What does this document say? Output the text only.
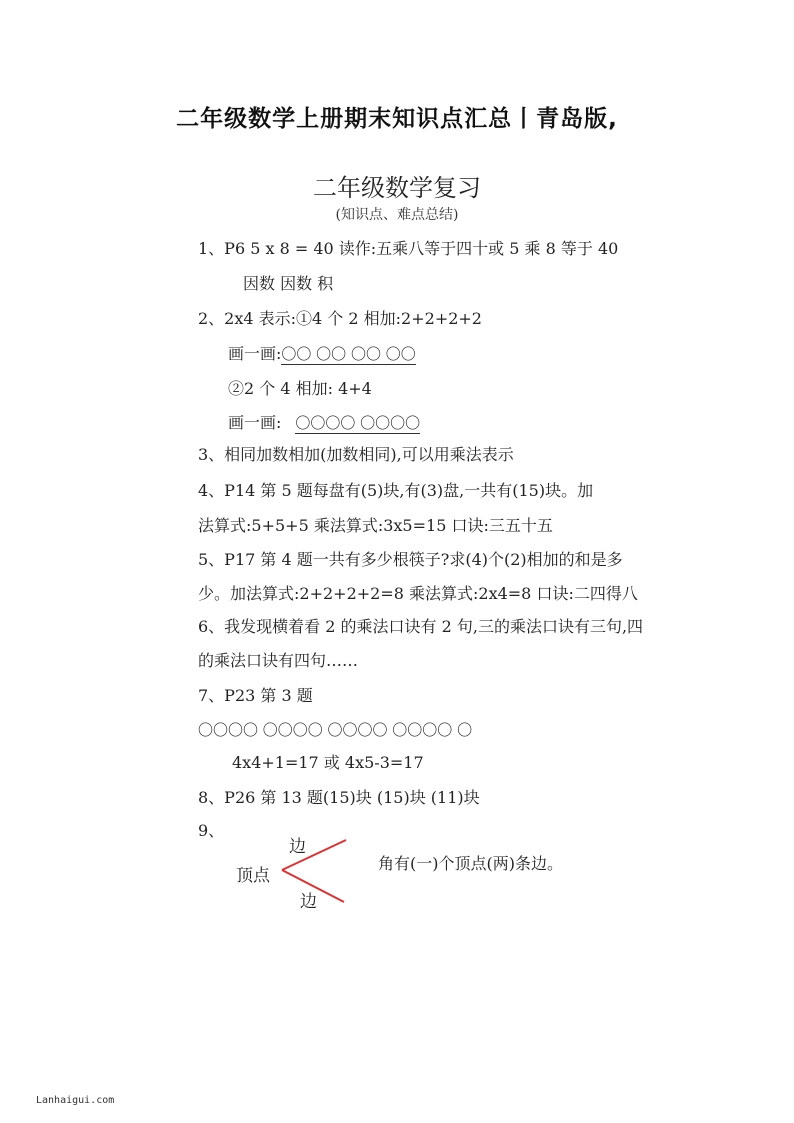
二年级数学上册期末知识点汇总丨青岛版,
二年级数学复习
(知识点、难点总结)
1、P6 5 x 8 = 40 读作:五乘八等于四十或 5 乘 8 等于 40
因数 因数 积
2、2x4 表示:①4 个 2 相加:2+2+2+2
画一画:〇〇 〇〇 〇〇 〇〇
②2 个 4 相加: 4+4
画一画: 〇〇〇〇 〇〇〇〇
3、相同加数相加(加数相同),可以用乘法表示
4、P14 第 5 题每盘有(5)块,有(3)盘,一共有(15)块。加
法算式:5+5+5 乘法算式:3x5=15 口诀:三五十五
5、P17 第 4 题一共有多少根筷子?求(4)个(2)相加的和是多
少。加法算式:2+2+2+2=8 乘法算式:2x4=8 口诀:二四得八
6、我发现横着看 2 的乘法口诀有 2 句,三的乘法口诀有三句,四
的乘法口诀有四句……
7、P23 第 3 题
〇〇〇〇 〇〇〇〇 〇〇〇〇 〇〇〇〇 〇
4x4+1=17 或 4x5-3=17
8、P26 第 13 题(15)块 (15)块 (11)块
9、
边
顶点
边
角有(一)个顶点(两)条边。
Lanhaigui.com
